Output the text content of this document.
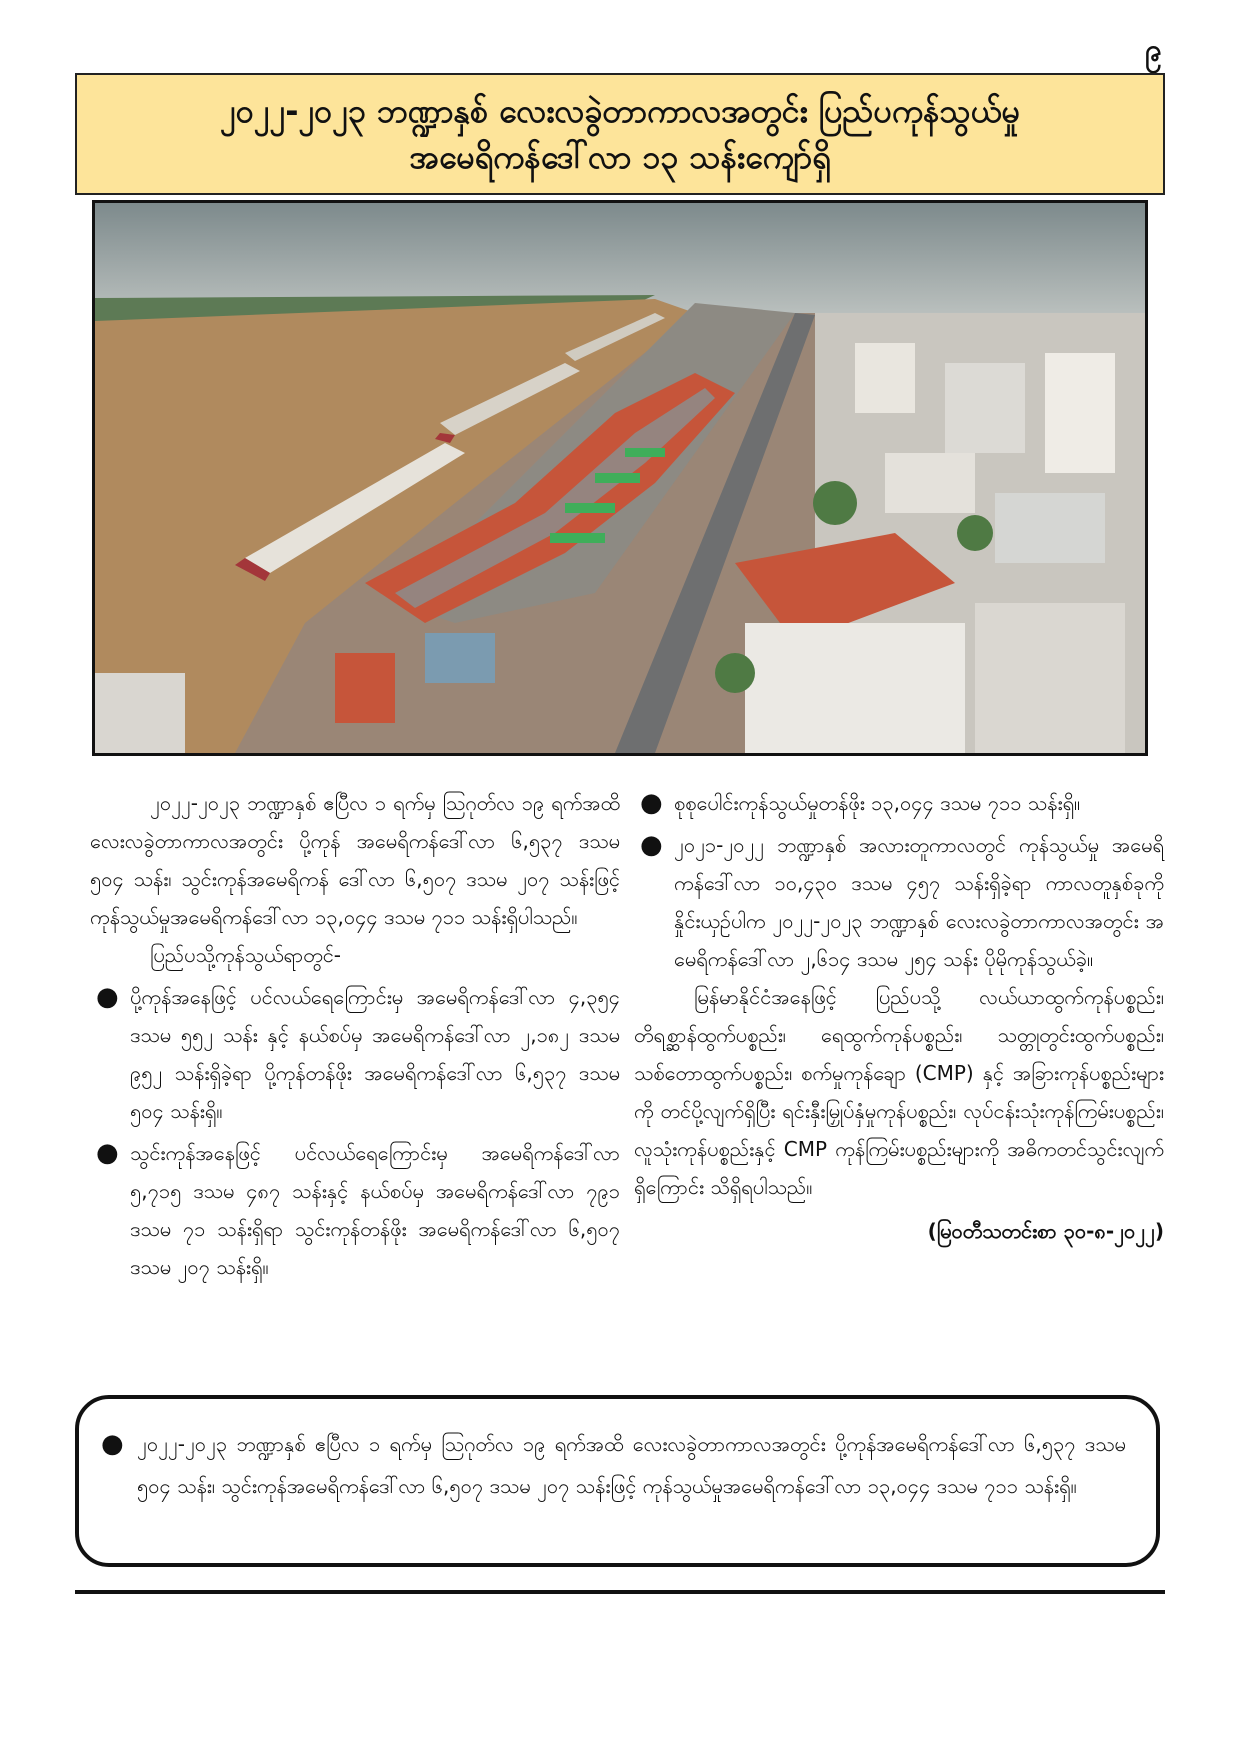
၉
၂၀၂၂-၂၀၂၃ ဘဏ္ဍာနှစ် လေးလခွဲတာကာလအတွင်း ပြည်ပကုန်သွယ်မှု
အမေရိကန်ဒေါ်လာ ၁၃ သန်းကျော်ရှိ

၂၀၂၂-၂၀၂၃ ဘဏ္ဍာနှစ် ဧပြီလ ၁ ရက်မှ ဩဂုတ်လ ၁၉ ရက်အထိ လေးလခွဲတာကာလအတွင်း ပို့ကုန် အမေရိကန်ဒေါ်လာ ၆,၅၃၇ ဒသမ ၅၀၄ သန်း၊ သွင်းကုန်အမေရိကန် ဒေါ်လာ ၆,၅၀၇ ဒသမ ၂၀၇ သန်းဖြင့် ကုန်သွယ်မှုအမေရိကန်ဒေါ်လာ ၁၃,၀၄၄ ဒသမ ၇၁၁ သန်းရှိပါသည်။

ပြည်ပသို့ကုန်သွယ်ရာတွင်-

● ပို့ကုန်အနေဖြင့် ပင်လယ်ရေကြောင်းမှ အမေရိကန်ဒေါ်လာ ၄,၃၅၄ ဒသမ ၅၅၂ သန်း နှင့် နယ်စပ်မှ အမေရိကန်ဒေါ်လာ ၂,၁၈၂ ဒသမ ၉၅၂ သန်းရှိခဲ့ရာ ပို့ကုန်တန်ဖိုး အမေရိကန်ဒေါ်လာ ၆,၅၃၇ ဒသမ ၅၀၄ သန်းရှိ။
● သွင်းကုန်အနေဖြင့် ပင်လယ်ရေကြောင်းမှ အမေရိကန်ဒေါ်လာ ၅,၇၁၅ ဒသမ ၄၈၇ သန်းနှင့် နယ်စပ်မှ အမေရိကန်ဒေါ်လာ ၇၉၁ ဒသမ ၇၁ သန်းရှိရာ သွင်းကုန်တန်ဖိုး အမေရိကန်ဒေါ်လာ ၆,၅၀၇ ဒသမ ၂၀၇ သန်းရှိ။
● စုစုပေါင်းကုန်သွယ်မှုတန်ဖိုး ၁၃,၀၄၄ ဒသမ ၇၁၁ သန်းရှိ။
● ၂၀၂၁-၂၀၂၂ ဘဏ္ဍာနှစ် အလားတူကာလတွင် ကုန်သွယ်မှု အမေရိကန်ဒေါ်လာ ၁၀,၄၃၀ ဒသမ ၄၅၇ သန်းရှိခဲ့ရာ ကာလတူနှစ်ခုကို နှိုင်းယှဉ်ပါက ၂၀၂၂-၂၀၂၃ ဘဏ္ဍာနှစ် လေးလခွဲတာကာလအတွင်း အမေရိကန်ဒေါ်လာ ၂,၆၁၄ ဒသမ ၂၅၄ သန်း ပိုမိုကုန်သွယ်ခဲ့။

မြန်မာနိုင်ငံအနေဖြင့် ပြည်ပသို့ လယ်ယာထွက်ကုန်ပစ္စည်း၊ တိရစ္ဆာန်ထွက်ပစ္စည်း၊ ရေထွက်ကုန်ပစ္စည်း၊ သတ္တုတွင်းထွက်ပစ္စည်း၊ သစ်တောထွက်ပစ္စည်း၊ စက်မှုကုန်ချော (CMP) နှင့် အခြားကုန်ပစ္စည်းများကို တင်ပို့လျက်ရှိပြီး ရင်းနှီးမြှုပ်နှံမှုကုန်ပစ္စည်း၊ လုပ်ငန်းသုံးကုန်ကြမ်းပစ္စည်း၊ လူသုံးကုန်ပစ္စည်းနှင့် CMP ကုန်ကြမ်းပစ္စည်းများကို အဓိကတင်သွင်းလျက်ရှိကြောင်း သိရှိရပါသည်။

(မြဝတီသတင်းစာ ၃၀-၈-၂၀၂၂)

● ၂၀၂၂-၂၀၂၃ ဘဏ္ဍာနှစ် ဧပြီလ ၁ ရက်မှ ဩဂုတ်လ ၁၉ ရက်အထိ လေးလခွဲတာကာလအတွင်း ပို့ကုန်အမေရိကန်ဒေါ်လာ ၆,၅၃၇ ဒသမ ၅၀၄ သန်း၊ သွင်းကုန်အမေရိကန်ဒေါ်လာ ၆,၅၀၇ ဒသမ ၂၀၇ သန်းဖြင့် ကုန်သွယ်မှုအမေရိကန်ဒေါ်လာ ၁၃,၀၄၄ ဒသမ ၇၁၁ သန်းရှိ။
